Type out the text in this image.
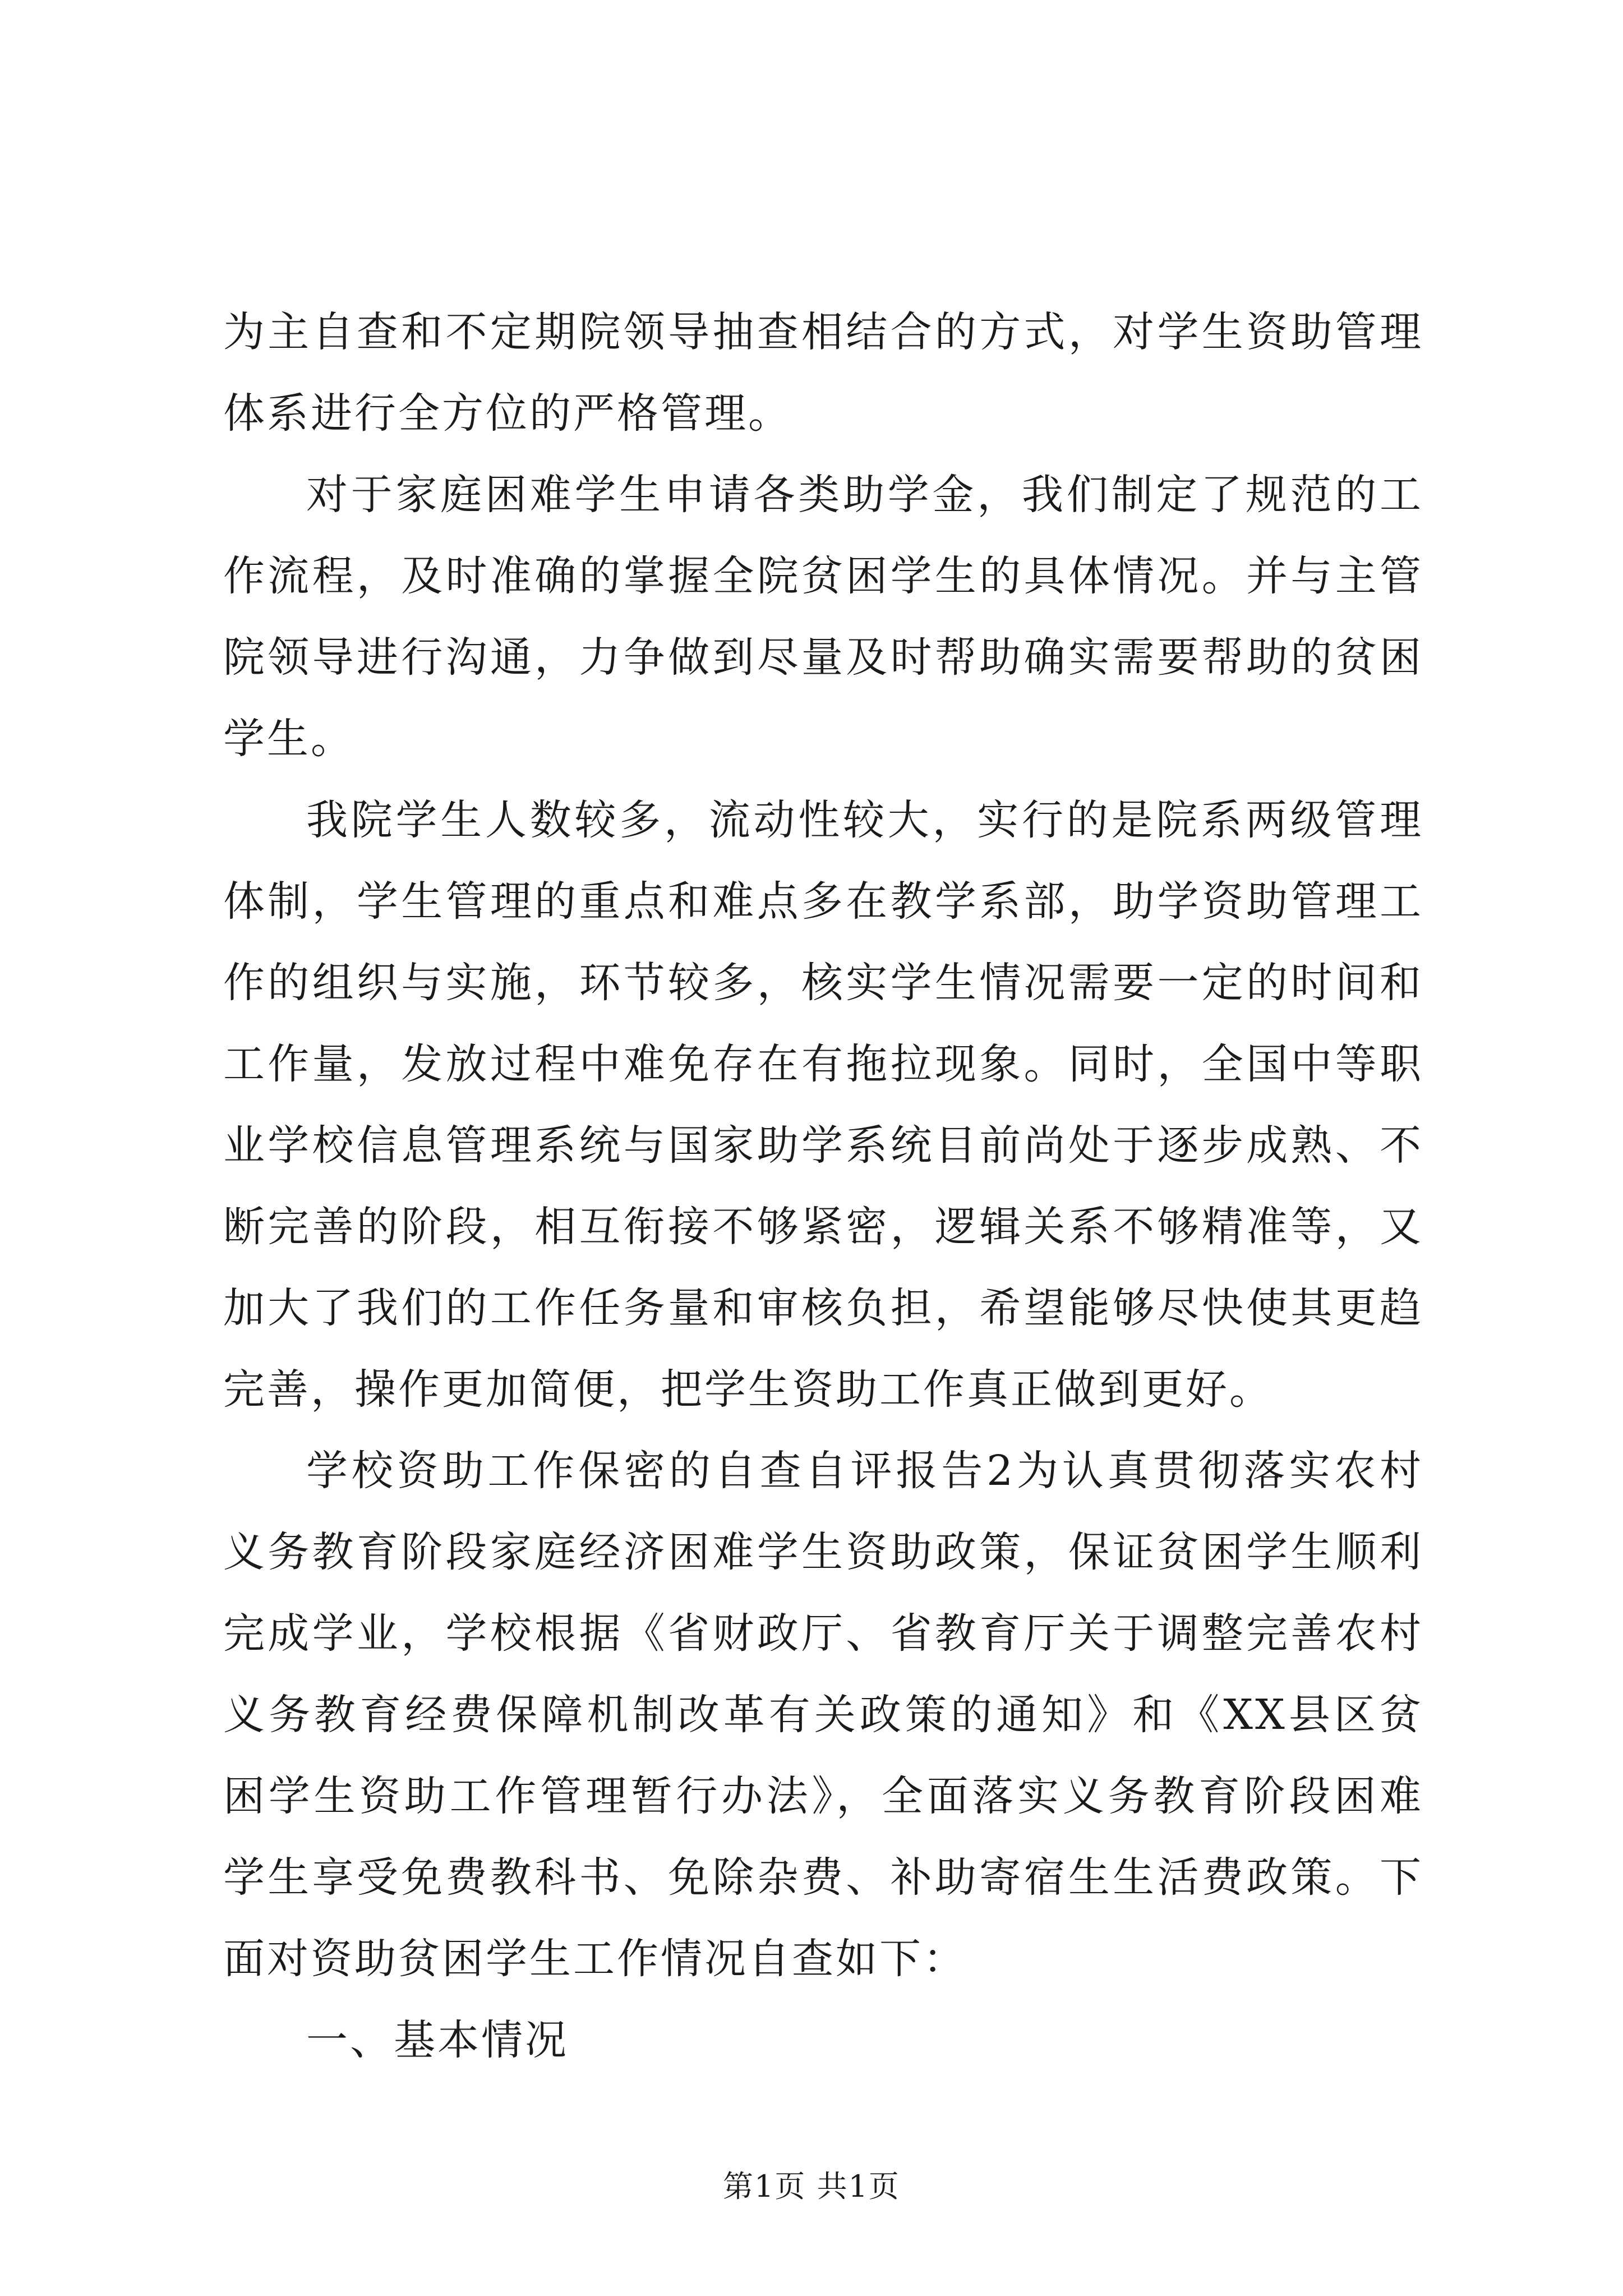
为主自查和不定期院领导抽查相结合的方式，对学生资助管理体系进行全方位的严格管理。

对于家庭困难学生申请各类助学金，我们制定了规范的工作流程，及时准确的掌握全院贫困学生的具体情况。并与主管院领导进行沟通，力争做到尽量及时帮助确实需要帮助的贫困学生。

我院学生人数较多，流动性较大，实行的是院系两级管理体制，学生管理的重点和难点多在教学系部，助学资助管理工作的组织与实施，环节较多，核实学生情况需要一定的时间和工作量，发放过程中难免存在有拖拉现象。同时，全国中等职业学校信息管理系统与国家助学系统目前尚处于逐步成熟、不断完善的阶段，相互衔接不够紧密，逻辑关系不够精准等，又加大了我们的工作任务量和审核负担，希望能够尽快使其更趋完善，操作更加简便，把学生资助工作真正做到更好。

学校资助工作保密的自查自评报告2为认真贯彻落实农村义务教育阶段家庭经济困难学生资助政策，保证贫困学生顺利完成学业，学校根据《省财政厅、省教育厅关于调整完善农村义务教育经费保障机制改革有关政策的通知》和《XX县区贫困学生资助工作管理暂行办法》，全面落实义务教育阶段困难学生享受免费教科书、免除杂费、补助寄宿生生活费政策。下面对资助贫困学生工作情况自查如下：

一、基本情况

第1页 共1页
